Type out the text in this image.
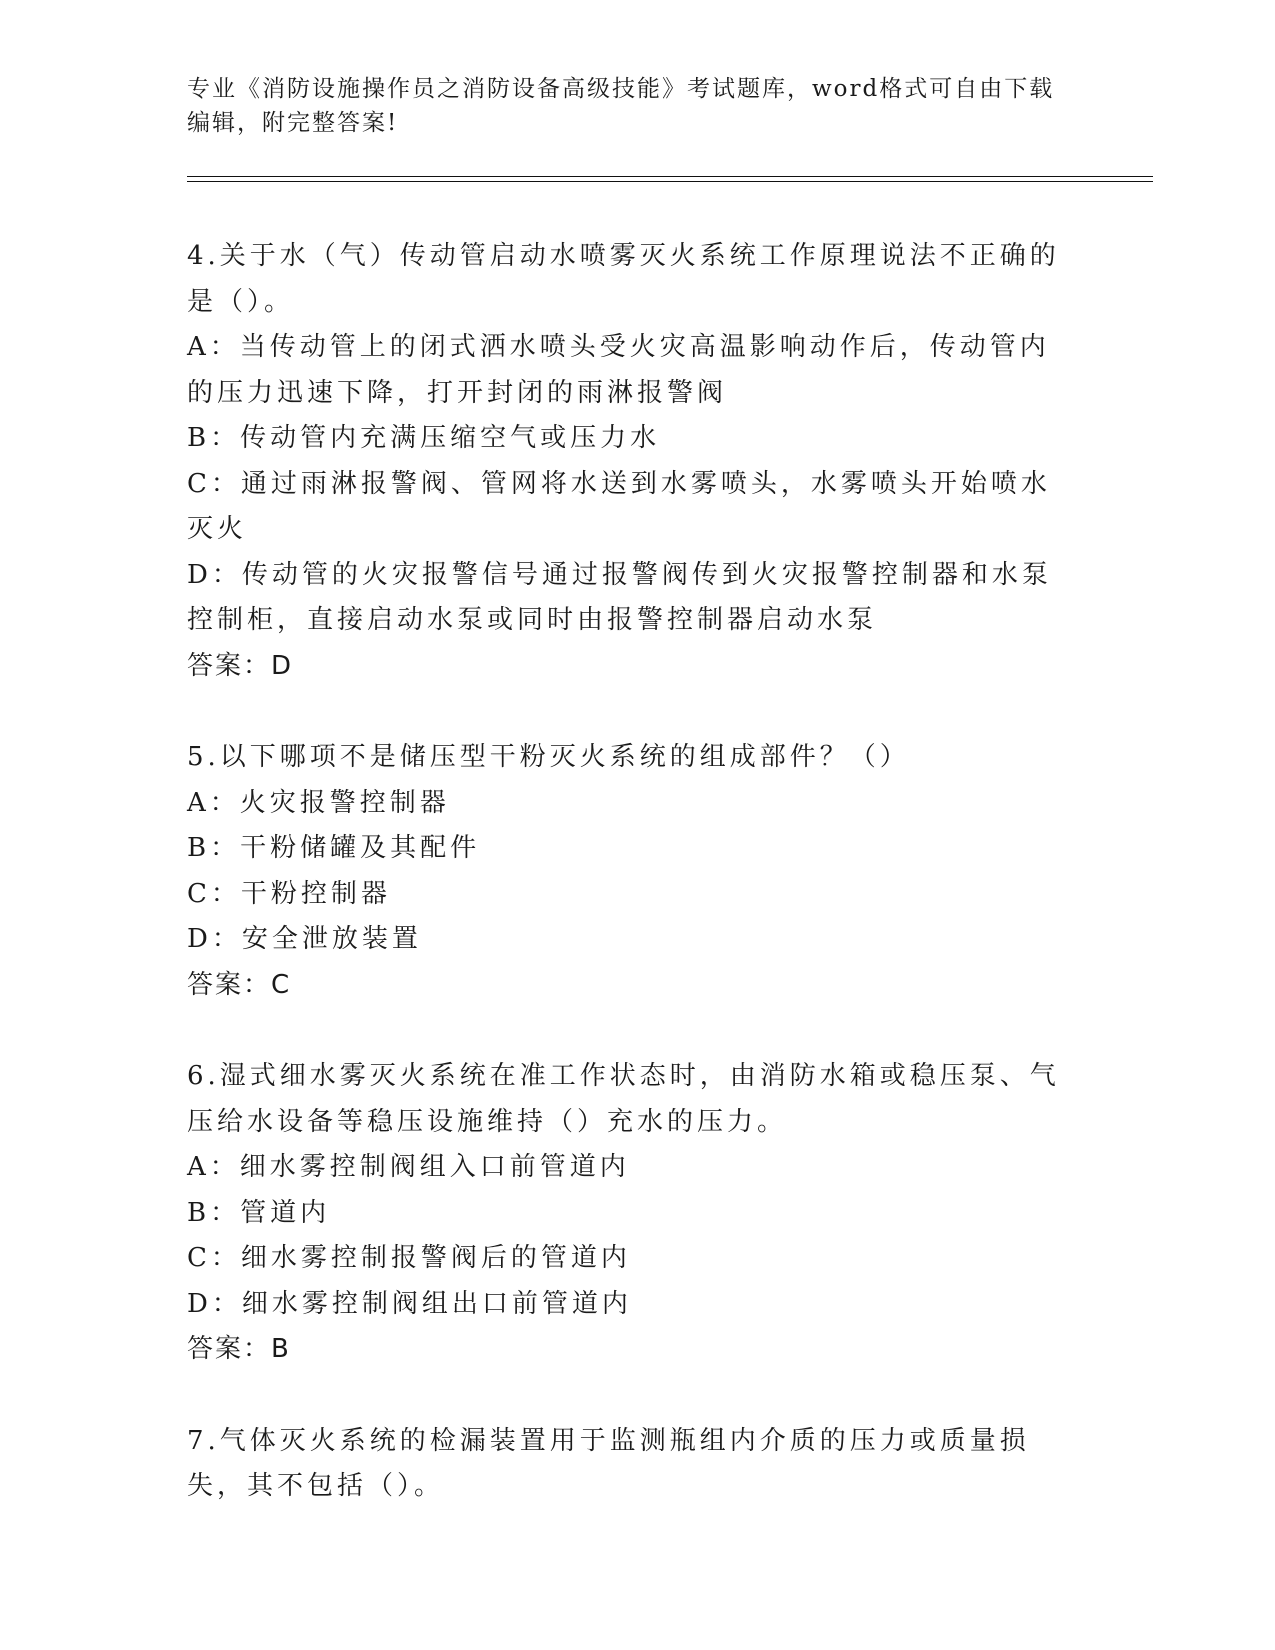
专业《消防设施操作员之消防设备高级技能》考试题库，word格式可自由下载编辑，附完整答案!

4.关于水（气）传动管启动水喷雾灭火系统工作原理说法不正确的是（）。

A：当传动管上的闭式洒水喷头受火灾高温影响动作后，传动管内的压力迅速下降，打开封闭的雨淋报警阀

B：传动管内充满压缩空气或压力水

C：通过雨淋报警阀、管网将水送到水雾喷头，水雾喷头开始喷水灭火

D：传动管的火灾报警信号通过报警阀传到火灾报警控制器和水泵控制柜，直接启动水泵或同时由报警控制器启动水泵

答案：D

5.以下哪项不是储压型干粉灭火系统的组成部件？（）

A：火灾报警控制器

B：干粉储罐及其配件

C：干粉控制器

D：安全泄放装置

答案：C

6.湿式细水雾灭火系统在准工作状态时，由消防水箱或稳压泵、气压给水设备等稳压设施维持（）充水的压力。

A：细水雾控制阀组入口前管道内

B：管道内

C：细水雾控制报警阀后的管道内

D：细水雾控制阀组出口前管道内

答案：B

7.气体灭火系统的检漏装置用于监测瓶组内介质的压力或质量损失，其不包括（）。
